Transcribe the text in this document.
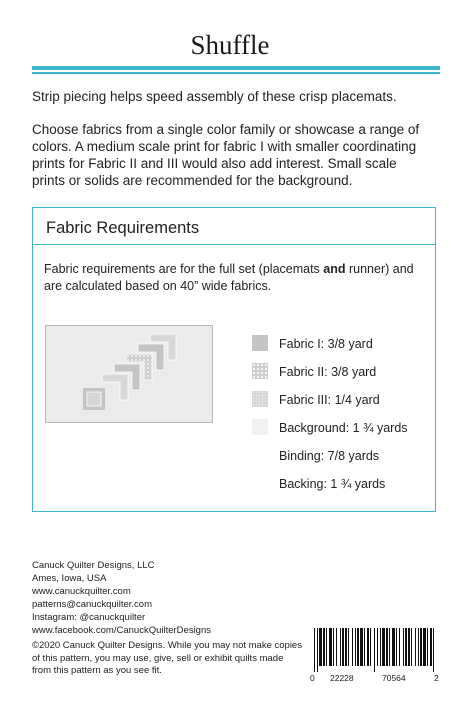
Shuffle
Strip piecing helps speed assembly of these crisp placemats.
Choose fabrics from a single color family or showcase a range of colors. A medium scale print for fabric I with smaller coordinating prints for Fabric II and III would also add interest. Small scale prints or solids are recommended for the background.
Fabric Requirements
Fabric requirements are for the full set (placemats and runner) and are calculated based on 40” wide fabrics.
Fabric I: 3/8 yard
Fabric II: 3/8 yard
Fabric III: 1/4 yard
Background: 1 ¾ yards
Binding: 7/8 yards
Backing: 1 ¾ yards
Canuck Quilter Designs, LLC
Ames, Iowa, USA
www.canuckquilter.com
patterns@canuckquilter.com
Instagram: @canuckquilter
www.facebook.com/CanuckQuilterDesigns
©2020 Canuck Quilter Designs. While you may not make copies of this pattern, you may use, give, sell or exhibit quilts made from this pattern as you see fit.
0 22228	70564	2
